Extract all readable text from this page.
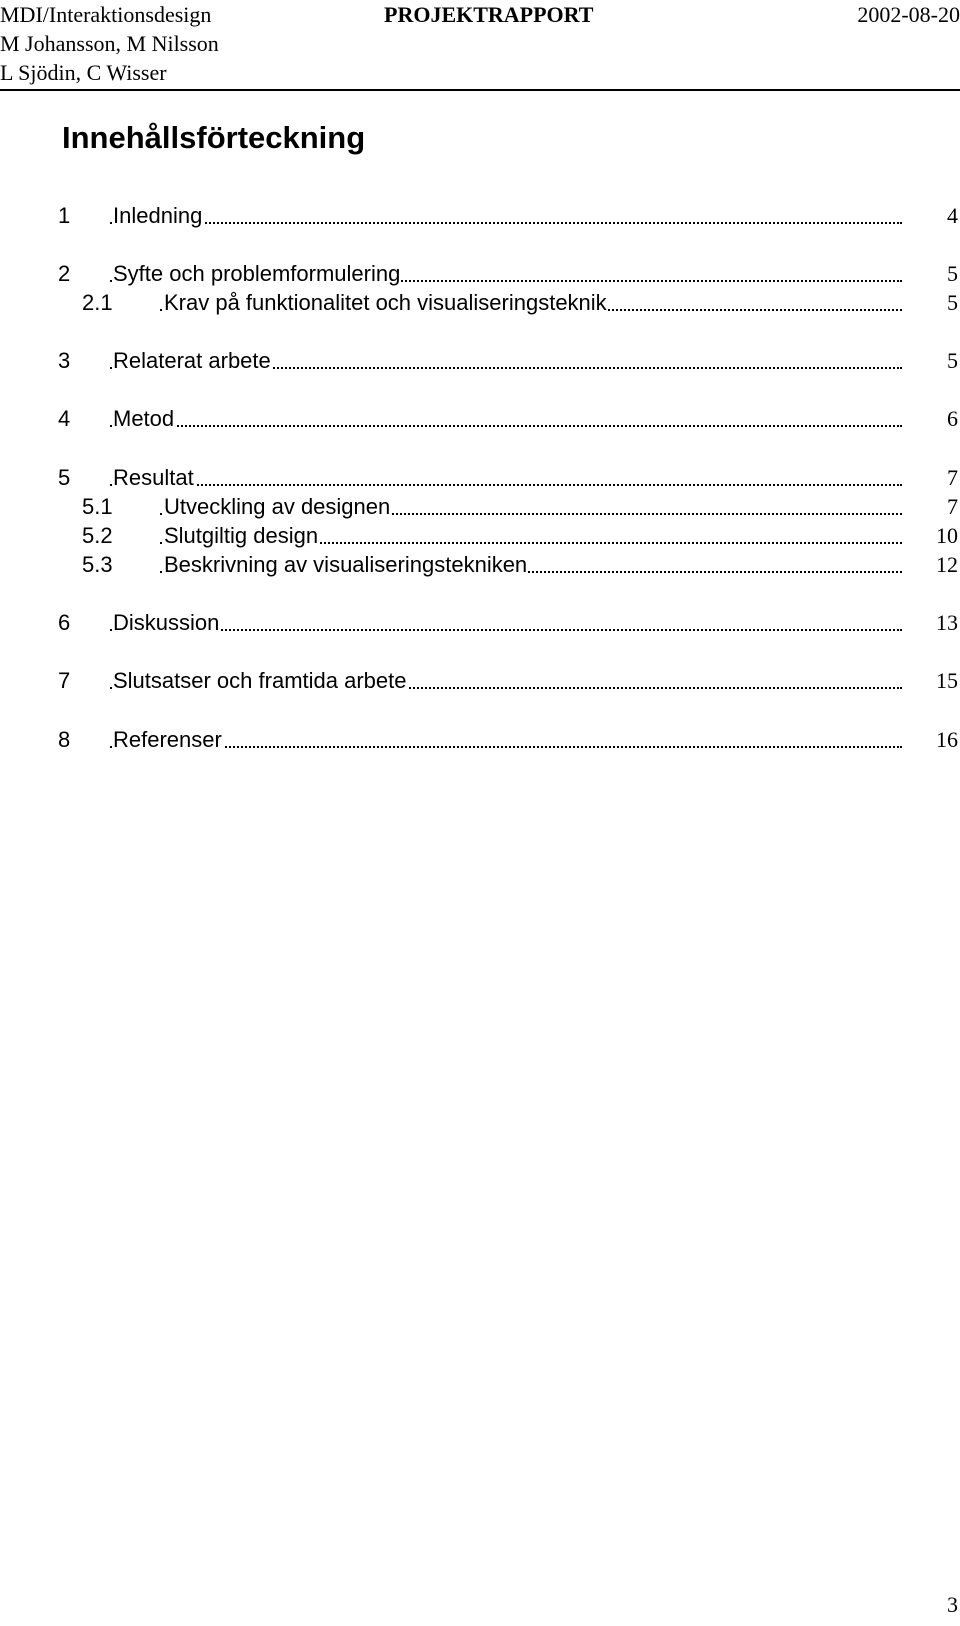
MDI/Interaktionsdesign	PROJEKTRAPPORT	2002-08-20
M Johansson, M Nilsson
L Sjödin, C Wisser
Innehållsförteckning
1 Inledning	4
2 Syfte och problemformulering	5
2.1 Krav på funktionalitet och visualiseringsteknik	5
3 Relaterat arbete	5
4 Metod	6
5 Resultat	7
5.1 Utveckling av designen	7
5.2 Slutgiltig design	10
5.3 Beskrivning av visualiseringstekniken	12
6 Diskussion	13
7 Slutsatser och framtida arbete	15
8 Referenser	16
3
